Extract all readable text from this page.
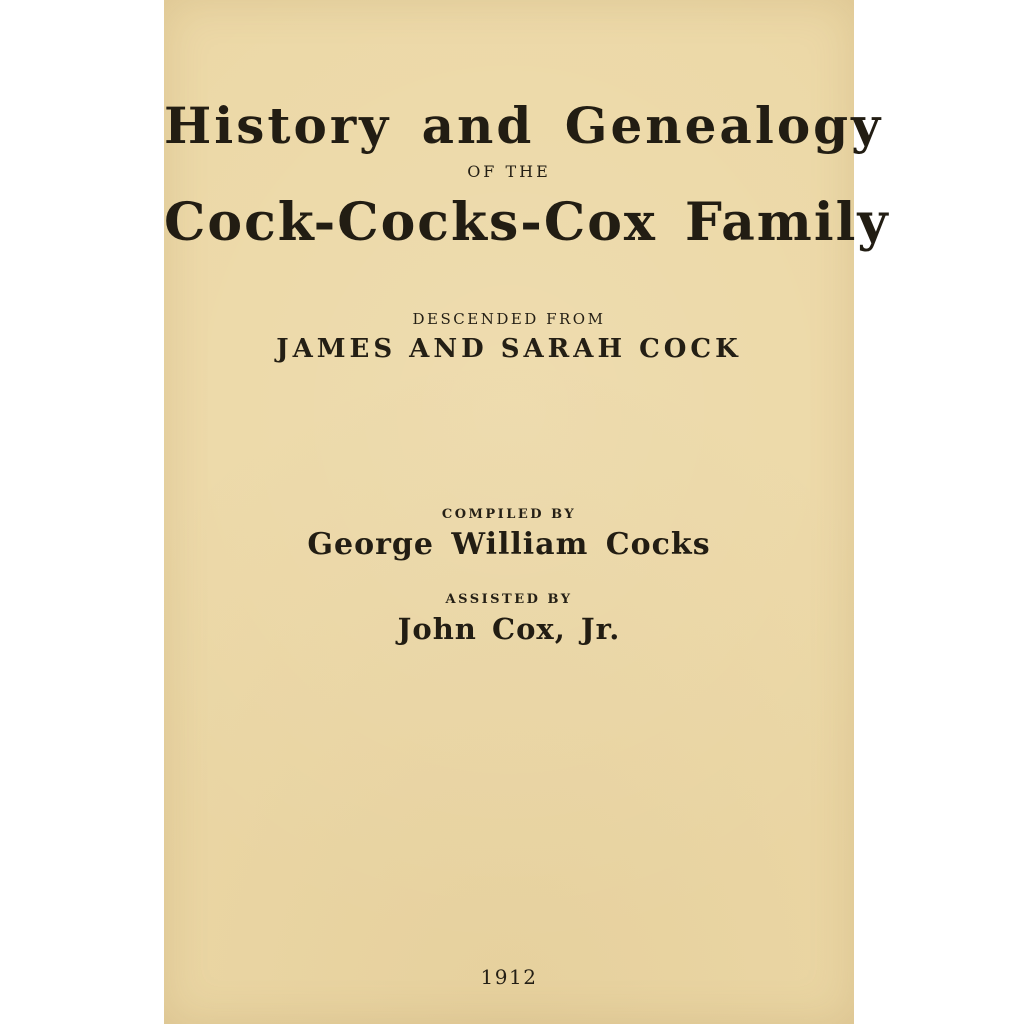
History and Genealogy
OF THE
Cock-Cocks-Cox Family
DESCENDED FROM
JAMES AND SARAH COCK
COMPILED BY
George William Cocks
ASSISTED BY
John Cox, Jr.
1912
